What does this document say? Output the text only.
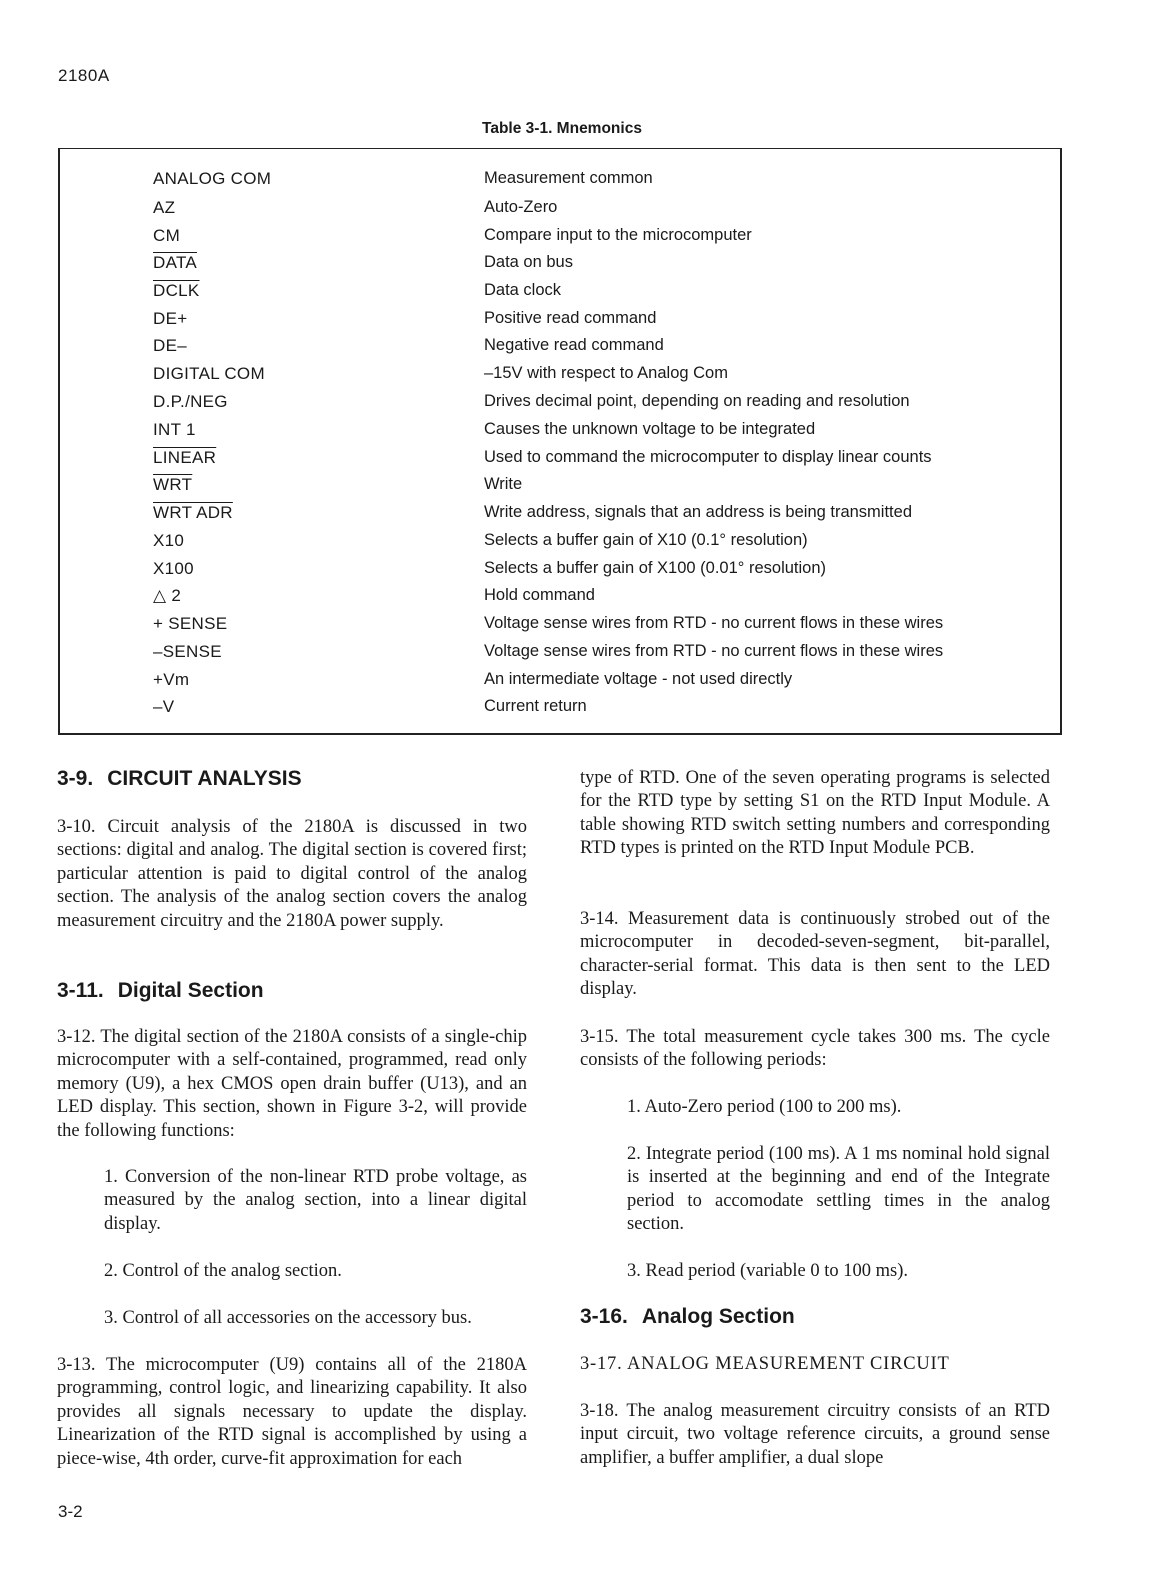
2180A
Table 3-1. Mnemonics
ANALOG COM	Measurement common
AZ	Auto-Zero
CM	Compare input to the microcomputer
DATA	Data on bus
DCLK	Data clock
DE+	Positive read command
DE–	Negative read command
DIGITAL COM	–15V with respect to Analog Com
D.P./NEG	Drives decimal point, depending on reading and resolution
INT 1	Causes the unknown voltage to be integrated
LINEAR	Used to command the microcomputer to display linear counts
$\overline{WRT}$	Write
WRT ADR	Write address, signals that an address is being transmitted
X10	Selects a buffer gain of X10 (0.1° resolution)
X100	Selects a buffer gain of X100 (0.01° resolution)
△ 2	Hold command
+ SENSE	Voltage sense wires from RTD - no current flows in these wires
–SENSE	Voltage sense wires from RTD - no current flows in these wires
+Vm	An intermediate voltage - not used directly
–V	Current return
3-9. CIRCUIT ANALYSIS

3-10. Circuit analysis of the 2180A is discussed in two sections: digital and analog. The digital section is covered first; particular attention is paid to digital control of the analog section. The analysis of the analog section covers the analog measurement circuitry and the 2180A power supply.

3-11. Digital Section

3-12. The digital section of the 2180A consists of a single-chip microcomputer with a self-contained, programmed, read only memory (U9), a hex CMOS open drain buffer (U13), and an LED display. This section, shown in Figure 3-2, will provide the following functions:

1. Conversion of the non-linear RTD probe voltage, as measured by the analog section, into a linear digital display.

2. Control of the analog section.

3. Control of all accessories on the accessory bus.

3-13. The microcomputer (U9) contains all of the 2180A programming, control logic, and linearizing capability. It also provides all signals necessary to update the display. Linearization of the RTD signal is accomplished by using a piece-wise, 4th order, curve-fit approximation for each

type of RTD. One of the seven operating programs is selected for the RTD type by setting S1 on the RTD Input Module. A table showing RTD switch setting numbers and corresponding RTD types is printed on the RTD Input Module PCB.

3-14. Measurement data is continuously strobed out of the microcomputer in decoded-seven-segment, bit-parallel, character-serial format. This data is then sent to the LED display.

3-15. The total measurement cycle takes 300 ms. The cycle consists of the following periods:

1. Auto-Zero period (100 to 200 ms).

2. Integrate period (100 ms). A 1 ms nominal hold signal is inserted at the beginning and end of the Integrate period to accomodate settling times in the analog section.

3. Read period (variable 0 to 100 ms).

3-16. Analog Section

3-17. ANALOG MEASUREMENT CIRCUIT

3-18. The analog measurement circuitry consists of an RTD input circuit, two voltage reference circuits, a ground sense amplifier, a buffer amplifier, a dual slope

3-2
